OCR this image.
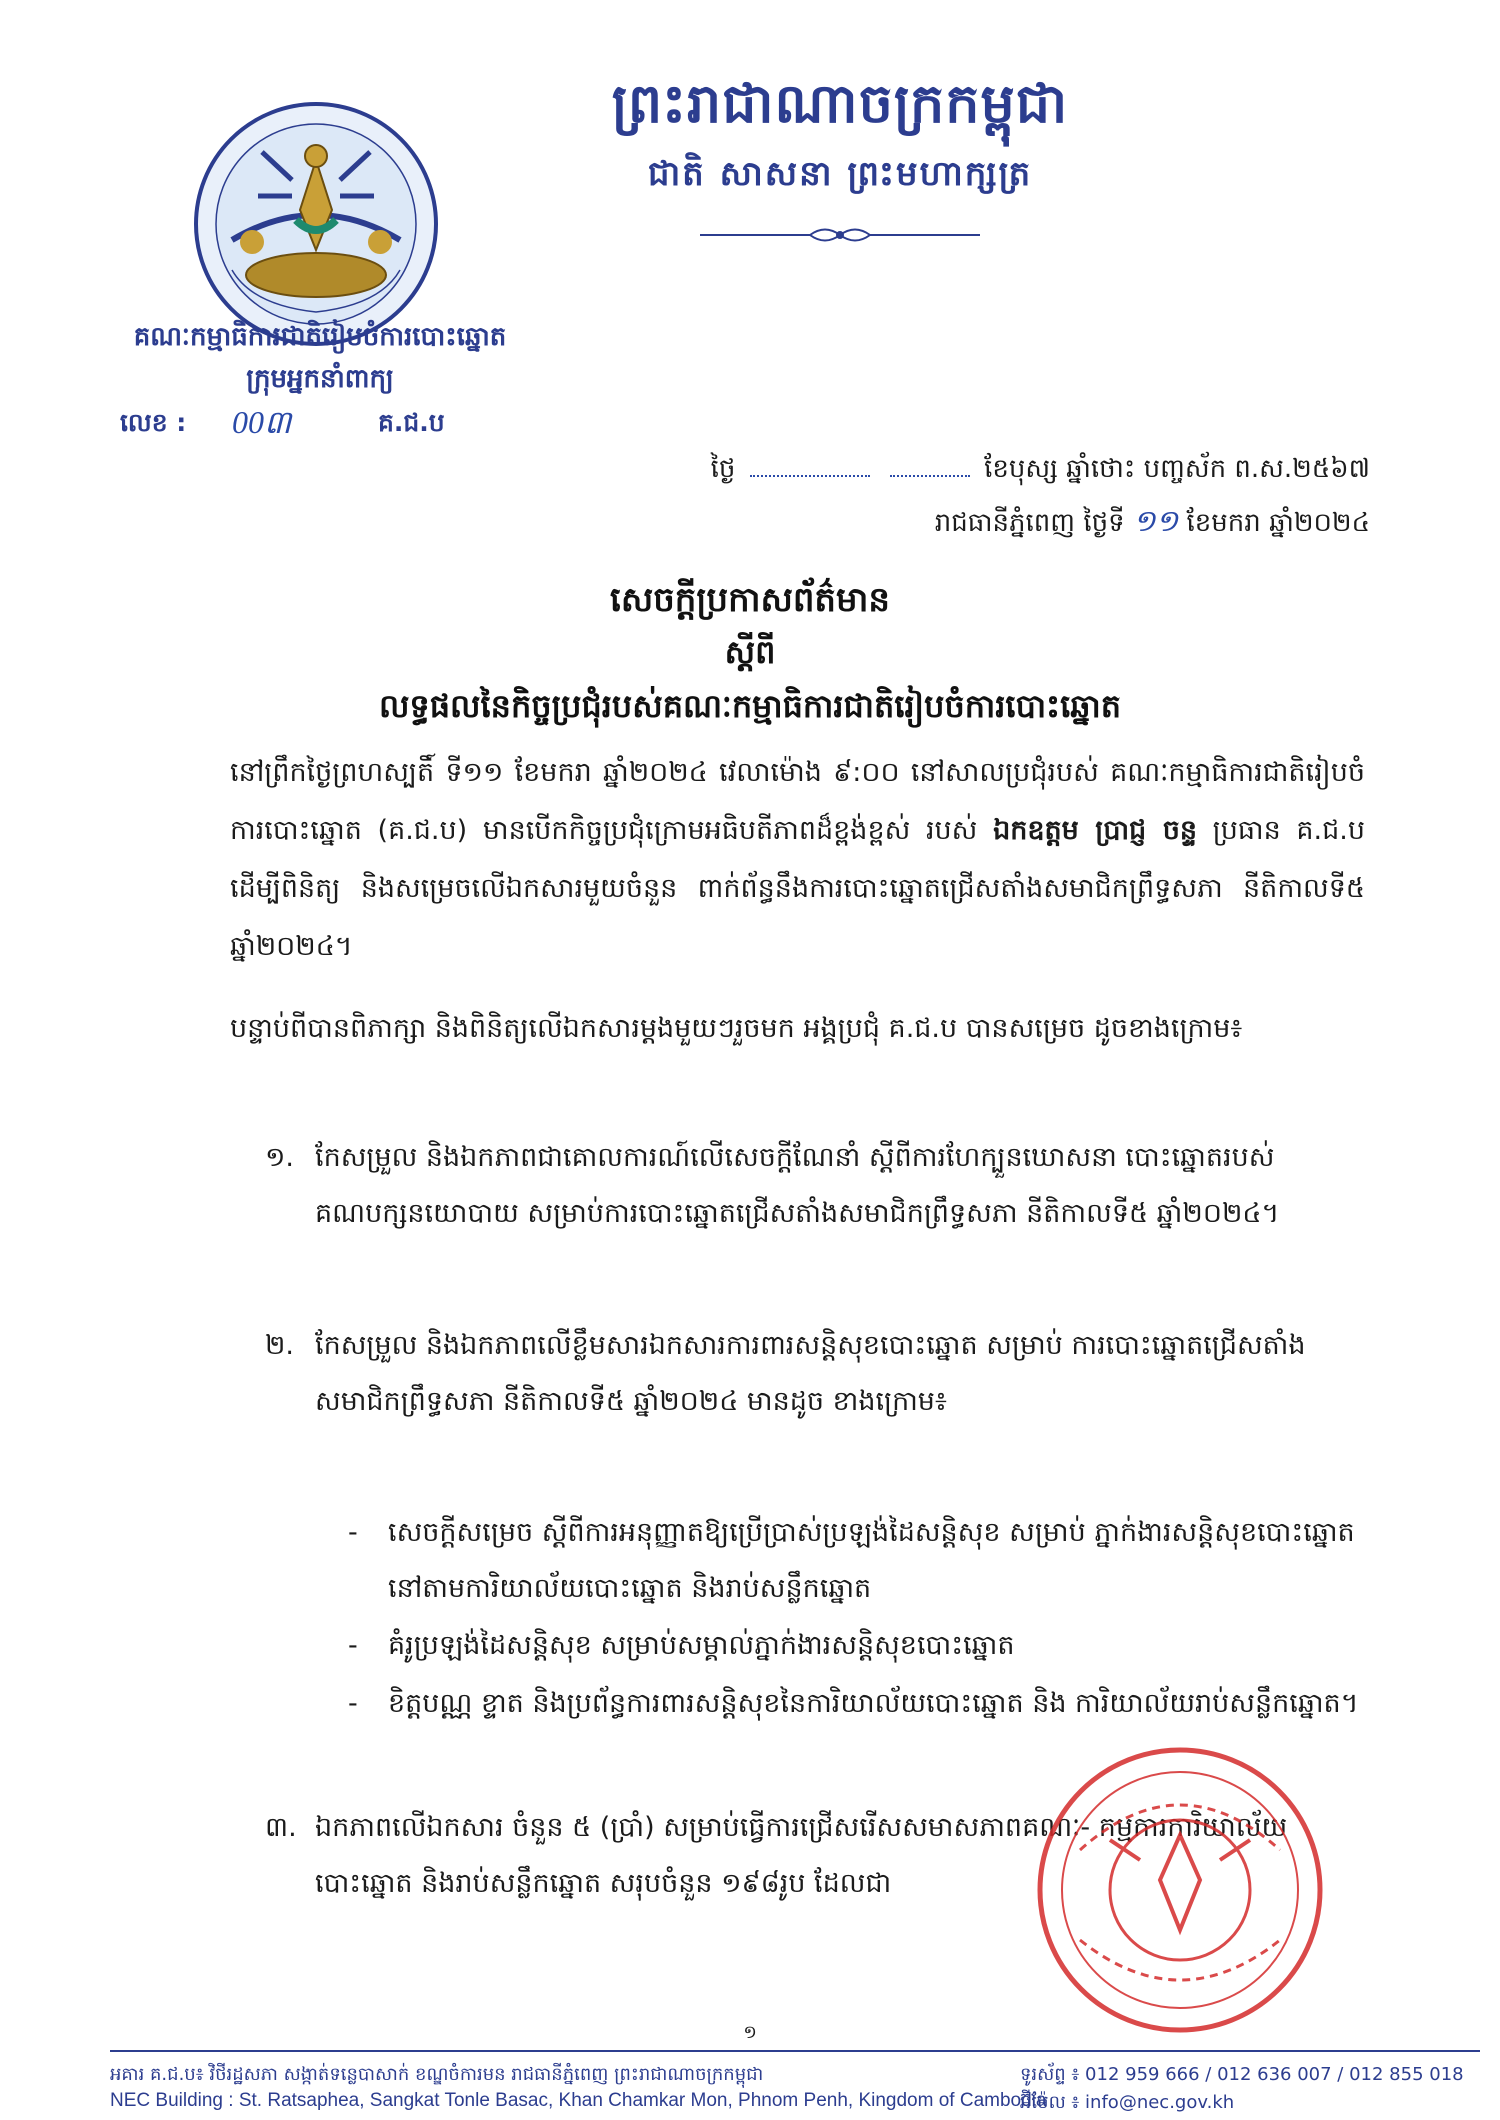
ព្រះរាជាណាចក្រកម្ពុជា
ជាតិ សាសនា ព្រះមហាក្សត្រ
គណៈកម្មាធិការជាតិរៀបចំការបោះឆ្នោត
ក្រុមអ្នកនាំពាក្យ
លេខ : 00៣	គ.ជ.ប
ថ្ងៃ	ខែបុស្ស ឆ្នាំថោះ បញ្ចស័ក ព.ស.២៥៦៧
រាជធានីភ្នំពេញ ថ្ងៃទី ១១ ខែមករា ឆ្នាំ២០២៤
សេចក្តីប្រកាសព័ត៌មាន
ស្តីពី
លទ្ធផលនៃកិច្ចប្រជុំរបស់គណៈកម្មាធិការជាតិរៀបចំការបោះឆ្នោត
នៅព្រឹកថ្ងៃព្រហស្បតិ៍ ទី១១ ខែមករា ឆ្នាំ២០២៤ វេលាម៉ោង ៩:០០ នៅសាលប្រជុំរបស់ គណៈកម្មាធិការជាតិរៀបចំការបោះឆ្នោត (គ.ជ.ប) មានបើកកិច្ចប្រជុំក្រោមអធិបតីភាពដ៏ខ្ពង់ខ្ពស់ របស់ ឯកឧត្តម ប្រាជ្ញ ចន្ទ ប្រធាន គ.ជ.ប ដើម្បីពិនិត្យ និងសម្រេចលើឯកសារមួយចំនួន ពាក់ព័ន្ធនឹងការបោះឆ្នោតជ្រើសតាំងសមាជិកព្រឹទ្ធសភា នីតិកាលទី៥ ឆ្នាំ២០២៤។
បន្ទាប់ពីបានពិភាក្សា និងពិនិត្យលើឯកសារម្តងមួយៗរួចមក អង្គប្រជុំ គ.ជ.ប បានសម្រេច ដូចខាងក្រោម៖
១. កែសម្រួល និងឯកភាពជាគោលការណ៍លើសេចក្តីណែនាំ ស្តីពីការហែក្បួនឃោសនា បោះឆ្នោតរបស់គណបក្សនយោបាយ សម្រាប់ការបោះឆ្នោតជ្រើសតាំងសមាជិកព្រឹទ្ធសភា នីតិកាលទី៥ ឆ្នាំ២០២៤។
២. កែសម្រួល និងឯកភាពលើខ្លឹមសារឯកសារការពារសន្តិសុខបោះឆ្នោត សម្រាប់ ការបោះឆ្នោតជ្រើសតាំងសមាជិកព្រឹទ្ធសភា នីតិកាលទី៥ ឆ្នាំ២០២៤ មានដូច ខាងក្រោម៖
- សេចក្តីសម្រេច ស្តីពីការអនុញ្ញាតឱ្យប្រើប្រាស់ប្រឡង់ដៃសន្តិសុខ សម្រាប់ ភ្នាក់ងារសន្តិសុខបោះឆ្នោត នៅតាមការិយាល័យបោះឆ្នោត និងរាប់សន្លឹកឆ្នោត
- គំរូប្រឡង់ដៃសន្តិសុខ សម្រាប់សម្គាល់ភ្នាក់ងារសន្តិសុខបោះឆ្នោត
- ខិត្តបណ្ណ ខ្ទាត និងប្រព័ន្ធការពារសន្តិសុខនៃការិយាល័យបោះឆ្នោត និង ការិយាល័យរាប់សន្លឹកឆ្នោត។
៣. ឯកភាពលើឯកសារ ចំនួន ៥ (ប្រាំ) សម្រាប់ធ្វើការជ្រើសរើសសមាសភាពគណៈ- កម្មការការិយាល័យបោះឆ្នោត និងរាប់សន្លឹកឆ្នោត សរុបចំនួន ១៩៨រូប ដែលជា
១
អគារ គ.ជ.ប៖ វិថីរដ្ឋសភា សង្កាត់ទន្លេបាសាក់ ខណ្ឌចំការមន រាជធានីភ្នំពេញ ព្រះរាជាណាចក្រកម្ពុជា	ទូរស័ព្ទ ៖ 012 959 666 / 012 636 007 / 012 855 018
NEC Building : St. Ratsaphea, Sangkat Tonle Basac, Khan Chamkar Mon, Phnom Penh, Kingdom of Cambodia
អ៊ីម៉ែល ៖ info@nec.gov.kh
